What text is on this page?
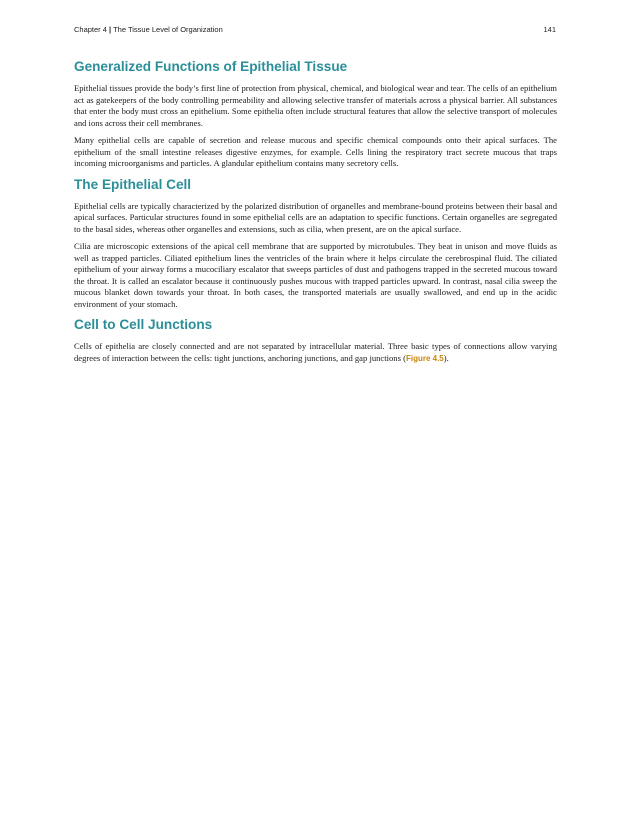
Chapter 4 | The Tissue Level of Organization	141
Generalized Functions of Epithelial Tissue

Epithelial tissues provide the body’s first line of protection from physical, chemical, and biological wear and tear. The cells of an epithelium act as gatekeepers of the body controlling permeability and allowing selective transfer of materials across a physical barrier. All substances that enter the body must cross an epithelium. Some epithelia often include structural features that allow the selective transport of molecules and ions across their cell membranes.

Many epithelial cells are capable of secretion and release mucous and specific chemical compounds onto their apical surfaces. The epithelium of the small intestine releases digestive enzymes, for example. Cells lining the respiratory tract secrete mucous that traps incoming microorganisms and particles. A glandular epithelium contains many secretory cells.

The Epithelial Cell

Epithelial cells are typically characterized by the polarized distribution of organelles and membrane-bound proteins between their basal and apical surfaces. Particular structures found in some epithelial cells are an adaptation to specific functions. Certain organelles are segregated to the basal sides, whereas other organelles and extensions, such as cilia, when present, are on the apical surface.

Cilia are microscopic extensions of the apical cell membrane that are supported by microtubules. They beat in unison and move fluids as well as trapped particles. Ciliated epithelium lines the ventricles of the brain where it helps circulate the cerebrospinal fluid. The ciliated epithelium of your airway forms a mucociliary escalator that sweeps particles of dust and pathogens trapped in the secreted mucous toward the throat. It is called an escalator because it continuously pushes mucous with trapped particles upward. In contrast, nasal cilia sweep the mucous blanket down towards your throat. In both cases, the transported materials are usually swallowed, and end up in the acidic environment of your stomach.

Cell to Cell Junctions

Cells of epithelia are closely connected and are not separated by intracellular material. Three basic types of connections allow varying degrees of interaction between the cells: tight junctions, anchoring junctions, and gap junctions (Figure 4.5).
